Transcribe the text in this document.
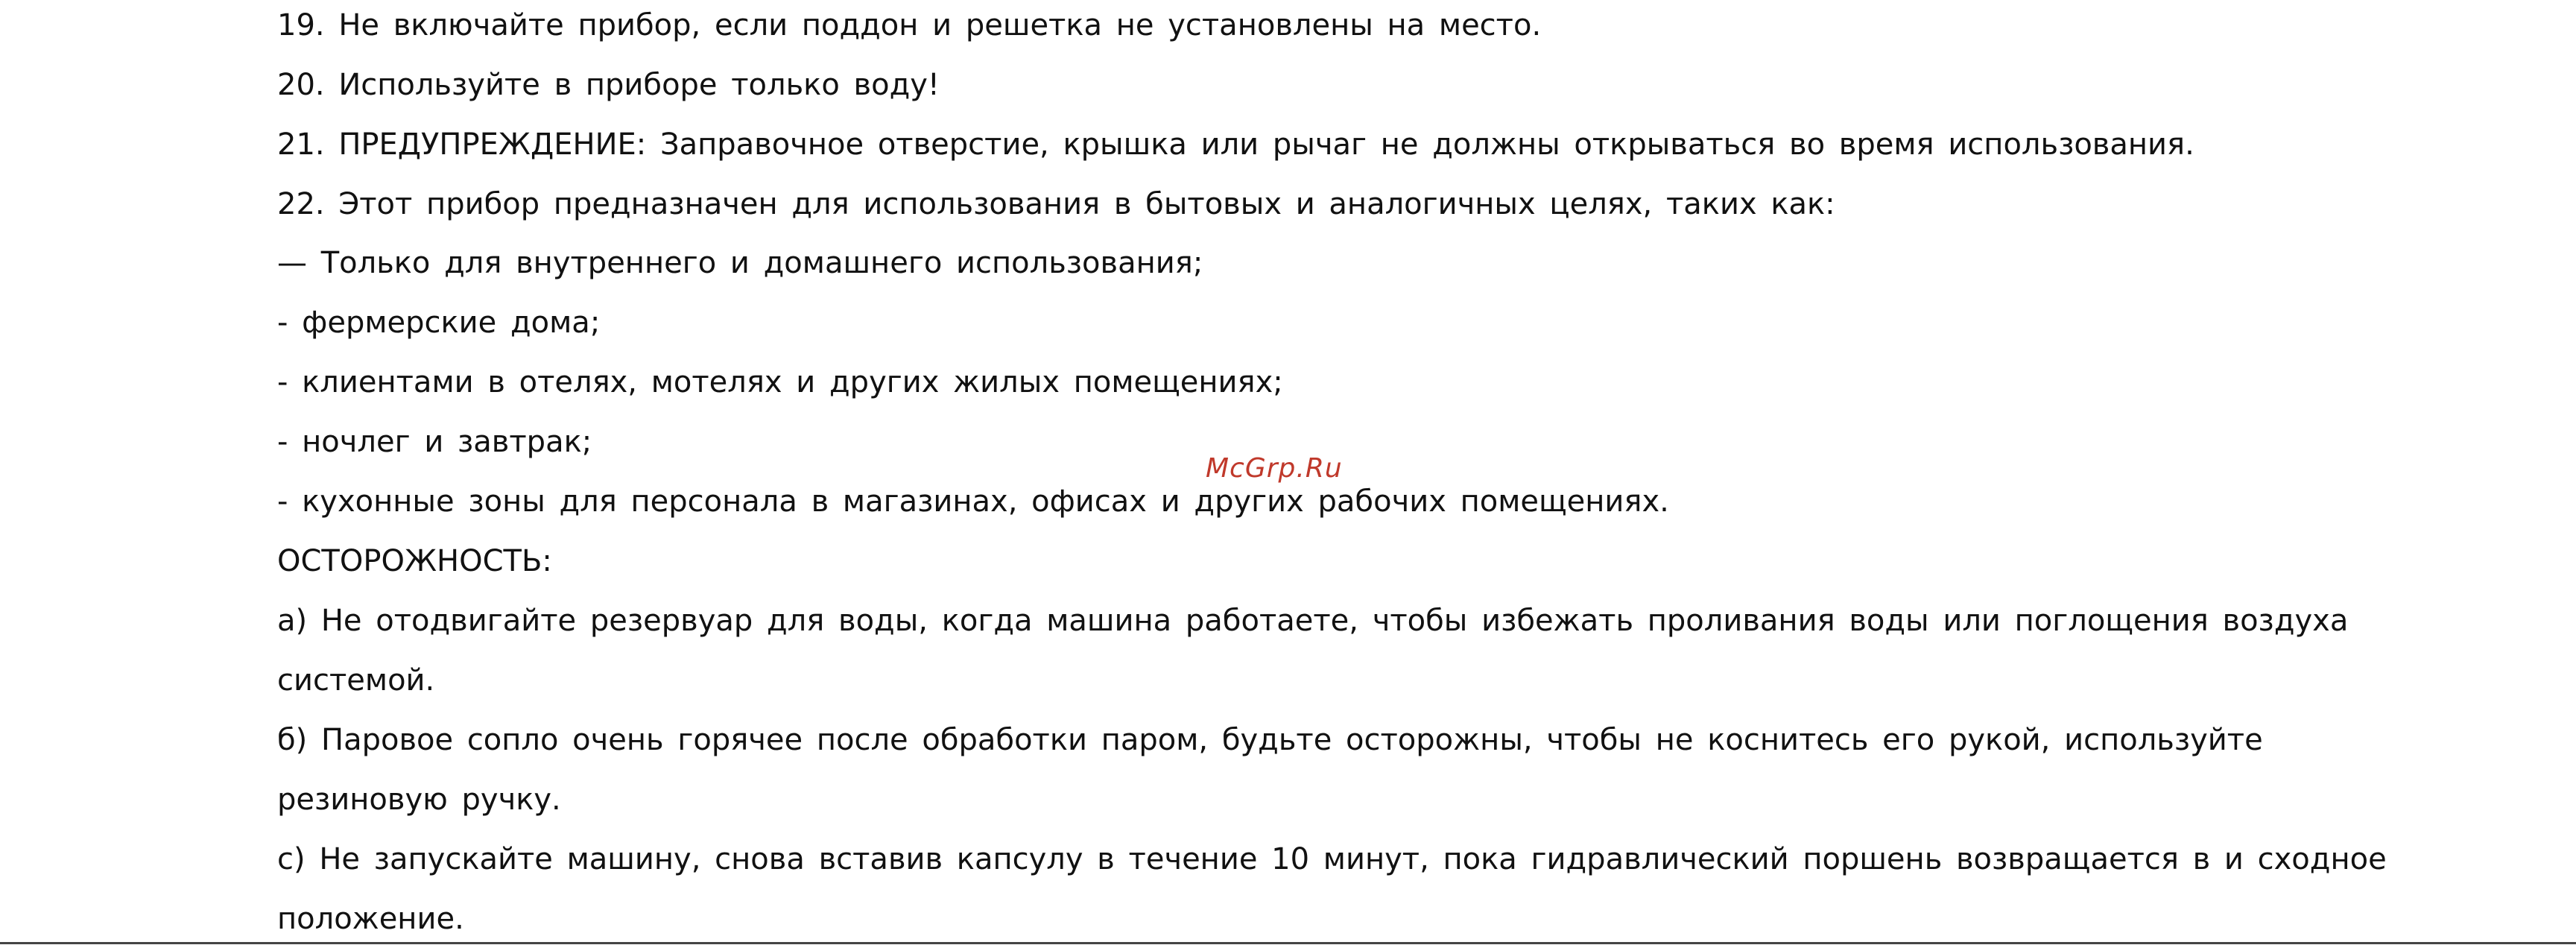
19. Не включайте прибор, если поддон и решетка не установлены на место.
20. Используйте в приборе только воду!
21. ПРЕДУПРЕЖДЕНИЕ: Заправочное отверстие, крышка или рычаг не должны открываться во время использования.
22. Этот прибор предназначен для использования в бытовых и аналогичных целях, таких как:
— Только для внутреннего и домашнего использования;
- фермерские дома;
- клиентами в отелях, мотелях и других жилых помещениях;
- ночлег и завтрак;
- кухонные зоны для персонала в магазинах, офисах и других рабочих помещениях.
ОСТОРОЖНОСТЬ:
а) Не отодвигайте резервуар для воды, когда машина работаете, чтобы избежать проливания воды или поглощения воздуха
системой.
б) Паровое сопло очень горячее после обработки паром, будьте осторожны, чтобы не коснитесь его рукой, используйте
резиновую ручку.
с) Не запускайте машину, снова вставив капсулу в течение 10 минут, пока гидравлический поршень возвращается в и сходное
положение.
McGrp.Ru
